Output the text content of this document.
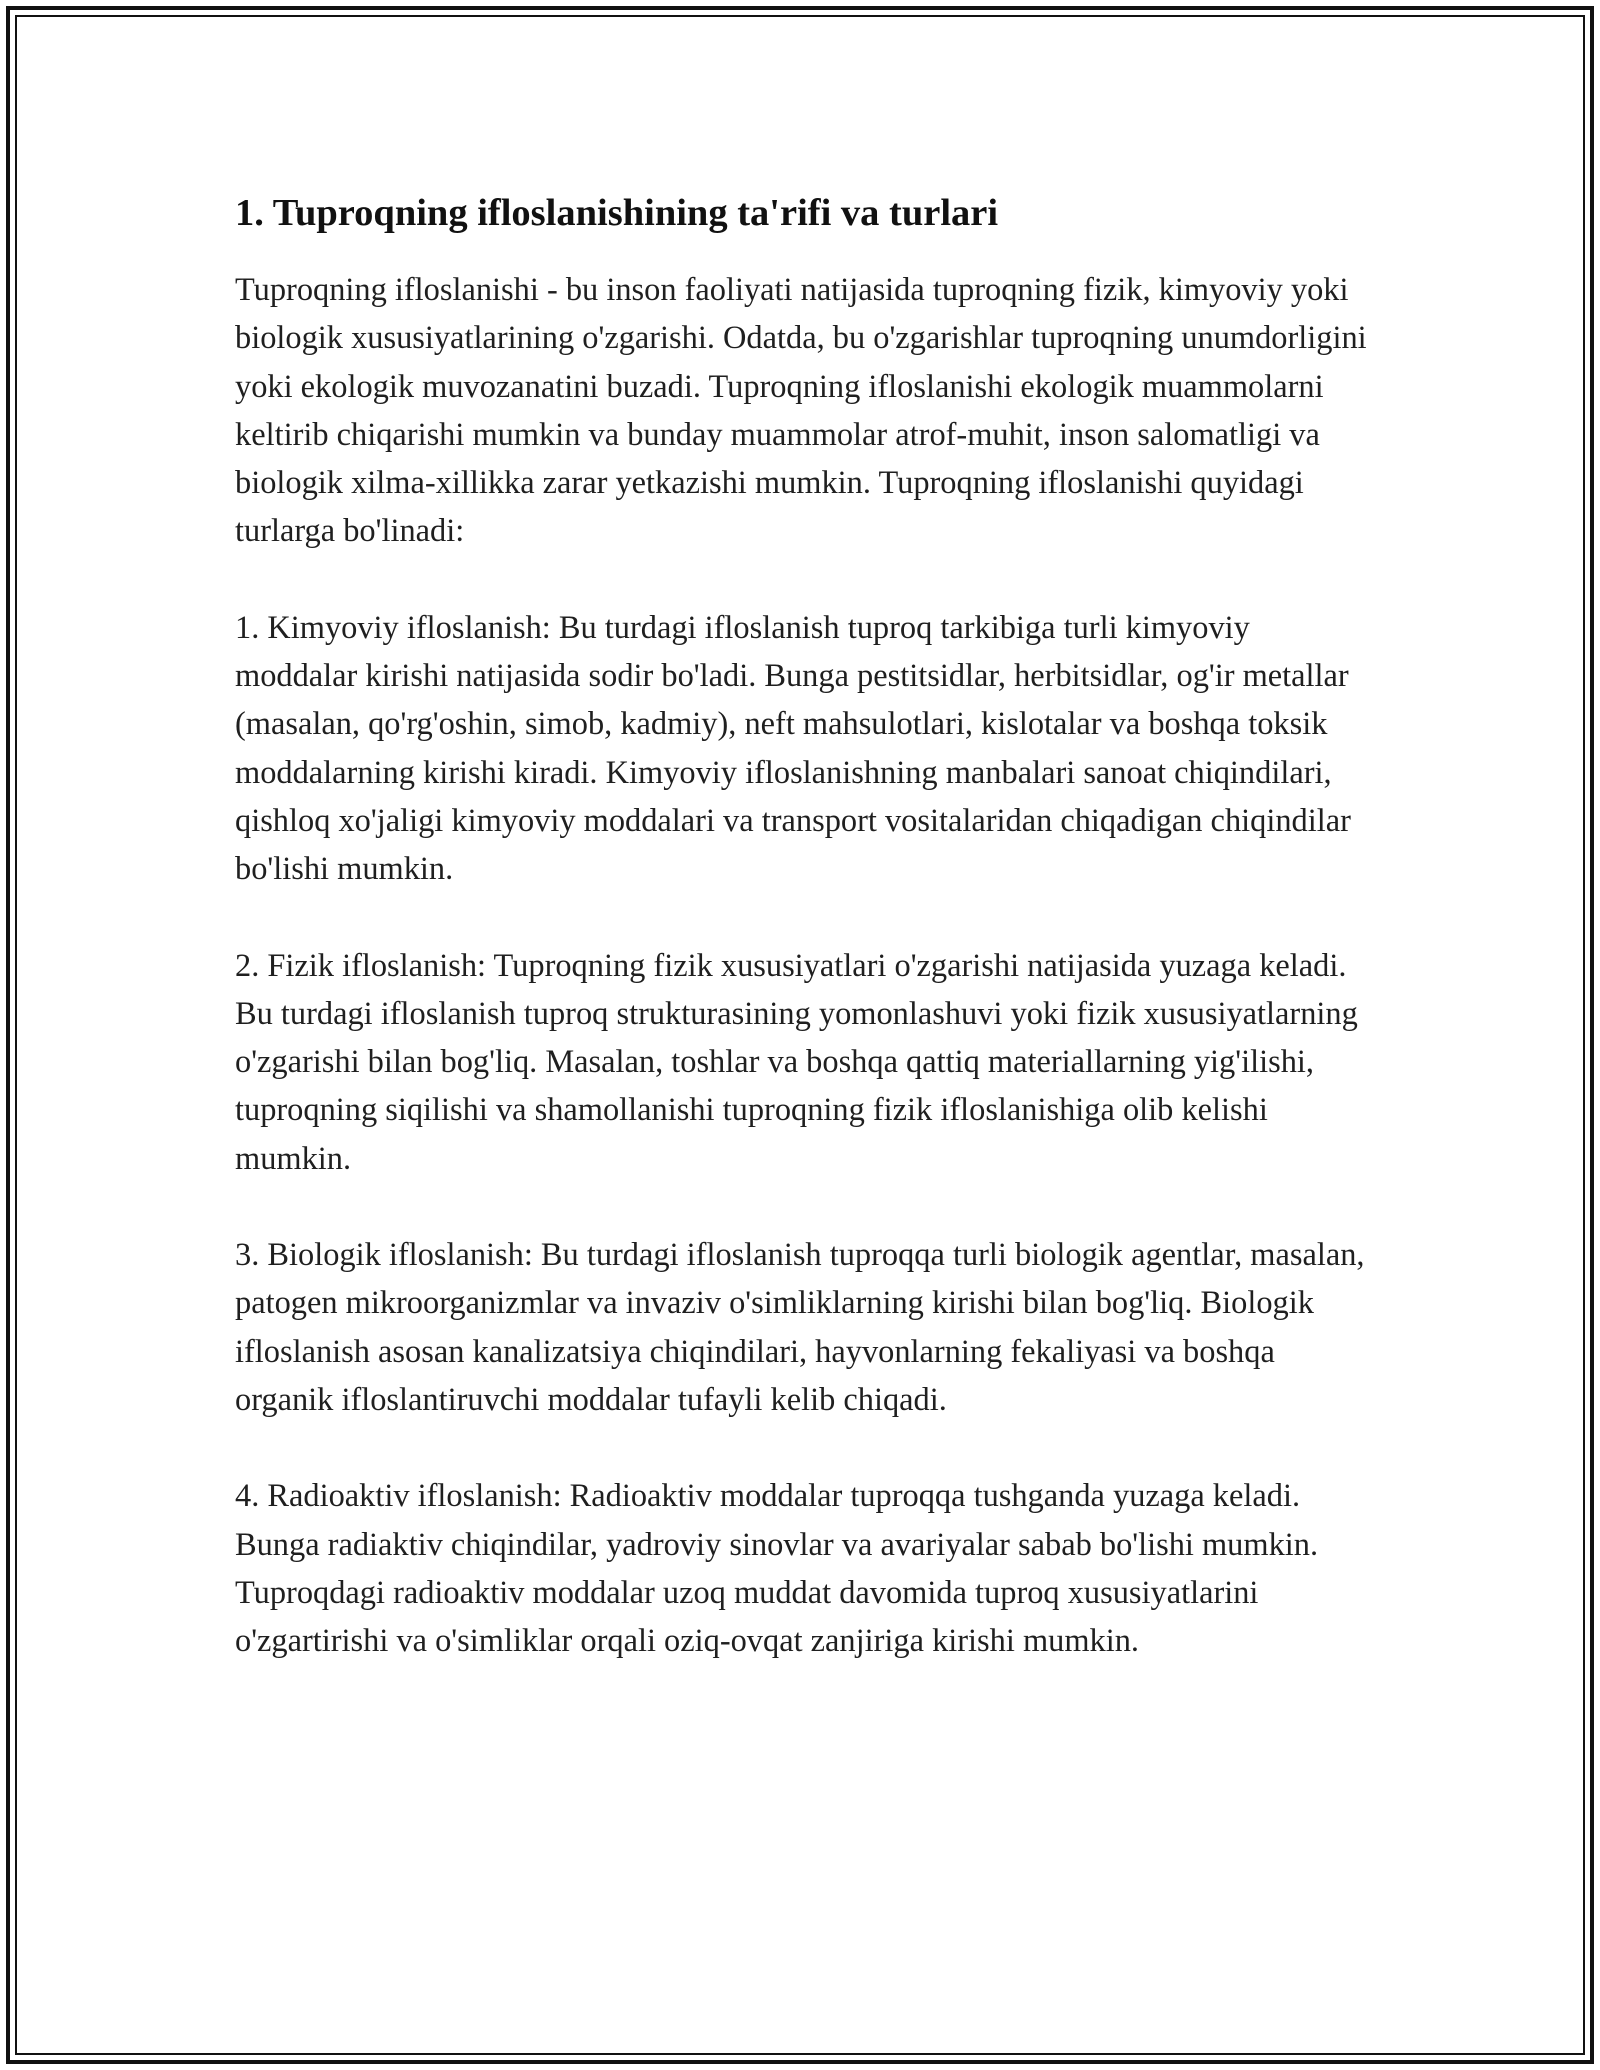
1. Tuproqning ifloslanishining ta'rifi va turlari

Tuproqning ifloslanishi - bu inson faoliyati natijasida tuproqning fizik, kimyoviy yoki biologik xususiyatlarining o'zgarishi. Odatda, bu o'zgarishlar tuproqning unumdorligini yoki ekologik muvozanatini buzadi. Tuproqning ifloslanishi ekologik muammolarni keltirib chiqarishi mumkin va bunday muammolar atrof-muhit, inson salomatligi va biologik xilma-xillikka zarar yetkazishi mumkin. Tuproqning ifloslanishi quyidagi turlarga bo'linadi:

1. Kimyoviy ifloslanish: Bu turdagi ifloslanish tuproq tarkibiga turli kimyoviy moddalar kirishi natijasida sodir bo'ladi. Bunga pestitsidlar, herbitsidlar, og'ir metallar (masalan, qo'rg'oshin, simob, kadmiy), neft mahsulotlari, kislotalar va boshqa toksik moddalarning kirishi kiradi. Kimyoviy ifloslanishning manbalari sanoat chiqindilari, qishloq xo'jaligi kimyoviy moddalari va transport vositalaridan chiqadigan chiqindilar bo'lishi mumkin.

2. Fizik ifloslanish: Tuproqning fizik xususiyatlari o'zgarishi natijasida yuzaga keladi. Bu turdagi ifloslanish tuproq strukturasining yomonlashuvi yoki fizik xususiyatlarning o'zgarishi bilan bog'liq. Masalan, toshlar va boshqa qattiq materiallarning yig'ilishi, tuproqning siqilishi va shamollanishi tuproqning fizik ifloslanishiga olib kelishi mumkin.

3. Biologik ifloslanish: Bu turdagi ifloslanish tuproqqa turli biologik agentlar, masalan, patogen mikroorganizmlar va invaziv o'simliklarning kirishi bilan bog'liq. Biologik ifloslanish asosan kanalizatsiya chiqindilari, hayvonlarning fekaliyasi va boshqa organik ifloslantiruvchi moddalar tufayli kelib chiqadi.

4. Radioaktiv ifloslanish: Radioaktiv moddalar tuproqqa tushganda yuzaga keladi. Bunga radiaktiv chiqindilar, yadroviy sinovlar va avariyalar sabab bo'lishi mumkin. Tuproqdagi radioaktiv moddalar uzoq muddat davomida tuproq xususiyatlarini o'zgartirishi va o'simliklar orqali oziq-ovqat zanjiriga kirishi mumkin.
